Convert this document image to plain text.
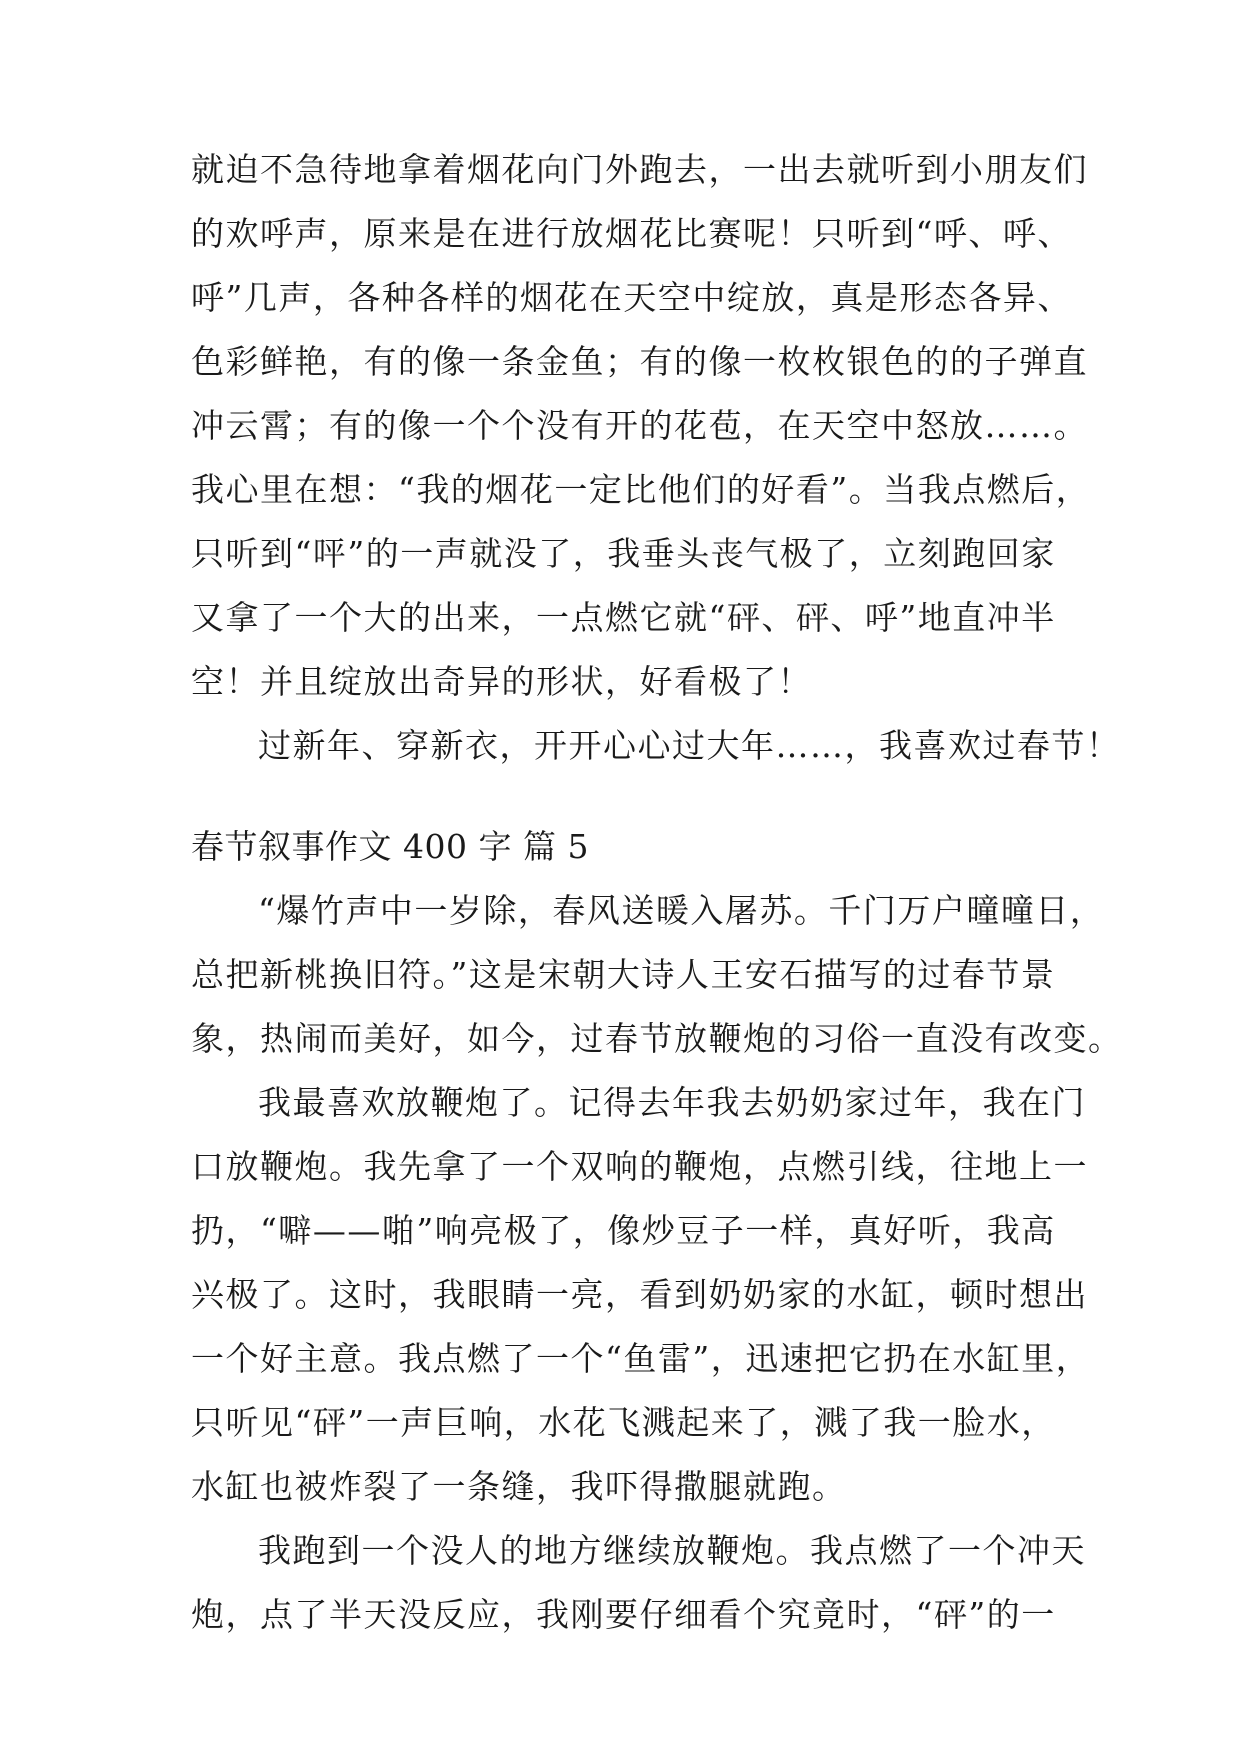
就迫不急待地拿着烟花向门外跑去，一出去就听到小朋友们
的欢呼声，原来是在进行放烟花比赛呢！只听到“呼、呼、
呼”几声，各种各样的烟花在天空中绽放，真是形态各异、
色彩鲜艳，有的像一条金鱼；有的像一枚枚银色的的子弹直
冲云霄；有的像一个个没有开的花苞，在天空中怒放……。
我心里在想：“我的烟花一定比他们的好看”。当我点燃后，
只听到“呯”的一声就没了，我垂头丧气极了，立刻跑回家
又拿了一个大的出来，一点燃它就“砰、砰、呼”地直冲半
空！并且绽放出奇异的形状，好看极了！
过新年、穿新衣，开开心心过大年……，我喜欢过春节！
春节叙事作文 400 字 篇 5
“爆竹声中一岁除，春风送暖入屠苏。千门万户曈曈日，
总把新桃换旧符。”这是宋朝大诗人王安石描写的过春节景
象，热闹而美好，如今，过春节放鞭炮的习俗一直没有改变。
我最喜欢放鞭炮了。记得去年我去奶奶家过年，我在门
口放鞭炮。我先拿了一个双响的鞭炮，点燃引线，往地上一
扔，“噼——啪”响亮极了，像炒豆子一样，真好听，我高
兴极了。这时，我眼睛一亮，看到奶奶家的水缸，顿时想出
一个好主意。我点燃了一个“鱼雷”，迅速把它扔在水缸里，
只听见“砰”一声巨响，水花飞溅起来了，溅了我一脸水，
水缸也被炸裂了一条缝，我吓得撒腿就跑。
我跑到一个没人的地方继续放鞭炮。我点燃了一个冲天
炮，点了半天没反应，我刚要仔细看个究竟时，“砰”的一
